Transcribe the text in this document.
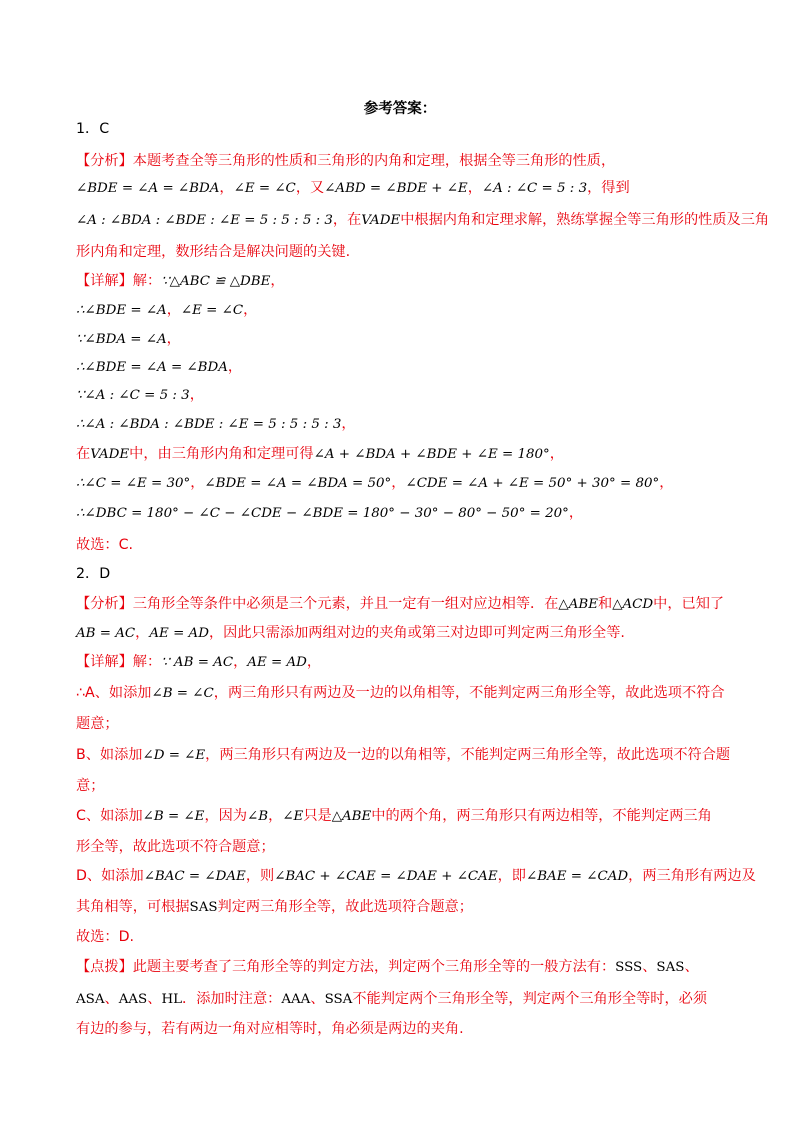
参考答案：
1．C
【分析】本题考查全等三角形的性质和三角形的内角和定理，根据全等三角形的性质，
∠BDE = ∠A = ∠BDA，∠E = ∠C，又∠ABD = ∠BDE + ∠E，∠A : ∠C = 5 : 3，得到
∠A : ∠BDA : ∠BDE : ∠E = 5 : 5 : 5 : 3，在VADE中根据内角和定理求解，熟练掌握全等三角形的性质及三角
形内角和定理，数形结合是解决问题的关键.
【详解】解：∵△ABC ≌ △DBE，
∴∠BDE = ∠A，∠E = ∠C，
∵∠BDA = ∠A，
∴∠BDE = ∠A = ∠BDA，
∵∠A : ∠C = 5 : 3，
∴∠A : ∠BDA : ∠BDE : ∠E = 5 : 5 : 5 : 3，
在VADE中，由三角形内角和定理可得∠A + ∠BDA + ∠BDE + ∠E = 180°，
∴∠C = ∠E = 30°，∠BDE = ∠A = ∠BDA = 50°，∠CDE = ∠A + ∠E = 50° + 30° = 80°，
∴∠DBC = 180° − ∠C − ∠CDE − ∠BDE = 180° − 30° − 80° − 50° = 20°，
故选：C.
2．D
【分析】三角形全等条件中必须是三个元素，并且一定有一组对应边相等．在△ABE和△ACD中，已知了
AB = AC，AE = AD，因此只需添加两组对边的夹角或第三对边即可判定两三角形全等.
【详解】解：∵ AB = AC，AE = AD，
∴A、如添加∠B = ∠C，两三角形只有两边及一边的以角相等，不能判定两三角形全等，故此选项不符合
题意；
B、如添加∠D = ∠E，两三角形只有两边及一边的以角相等，不能判定两三角形全等，故此选项不符合题
意；
C、如添加∠B = ∠E，因为∠B，∠E只是△ABE中的两个角，两三角形只有两边相等，不能判定两三角
形全等，故此选项不符合题意；
D、如添加∠BAC = ∠DAE，则∠BAC + ∠CAE = ∠DAE + ∠CAE，即∠BAE = ∠CAD，两三角形有两边及
其角相等，可根据SAS判定两三角形全等，故此选项符合题意；
故选：D.
【点拨】此题主要考查了三角形全等的判定方法，判定两个三角形全等的一般方法有：SSS、SAS、
ASA、AAS、HL．添加时注意：AAA、SSA不能判定两个三角形全等，判定两个三角形全等时，必须
有边的参与，若有两边一角对应相等时，角必须是两边的夹角.
